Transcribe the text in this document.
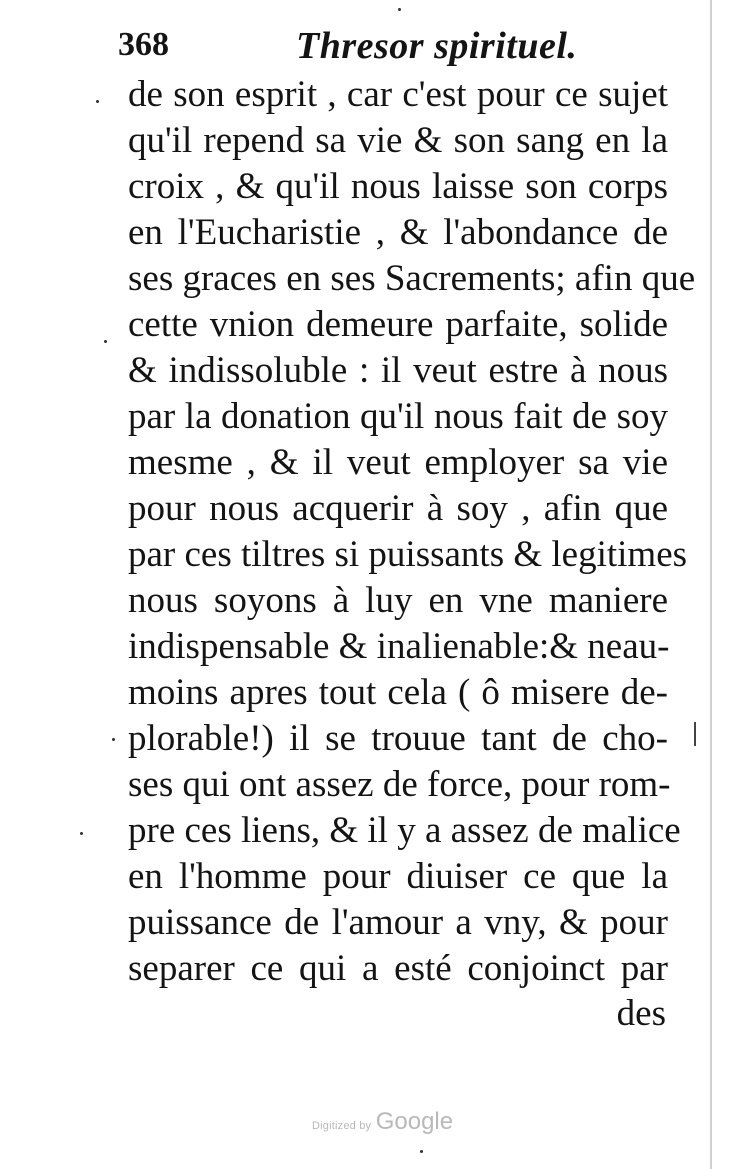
368	Thresor spirituel.
de son esprit , car c'est pour ce sujet
qu'il repend sa vie & son sang en la
croix , & qu'il nous laisse son corps
en l'Eucharistie , & l'abondance de
ses graces en ses Sacrements; afin que
cette vnion demeure parfaite, solide
& indissoluble : il veut estre à nous
par la donation qu'il nous fait de soy
mesme , & il veut employer sa vie
pour nous acquerir à soy , afin que
par ces tiltres si puissants & legitimes
nous soyons à luy en vne maniere
indispensable & inalienable:& neau-
moins apres tout cela ( ô misere de-
plorable!) il se trouue tant de cho-
ses qui ont assez de force, pour rom-
pre ces liens, & il y a assez de malice
en l'homme pour diuiser ce que la
puissance de l'amour a vny, & pour
separer ce qui a esté conjoinct par
des
Digitized by Google
